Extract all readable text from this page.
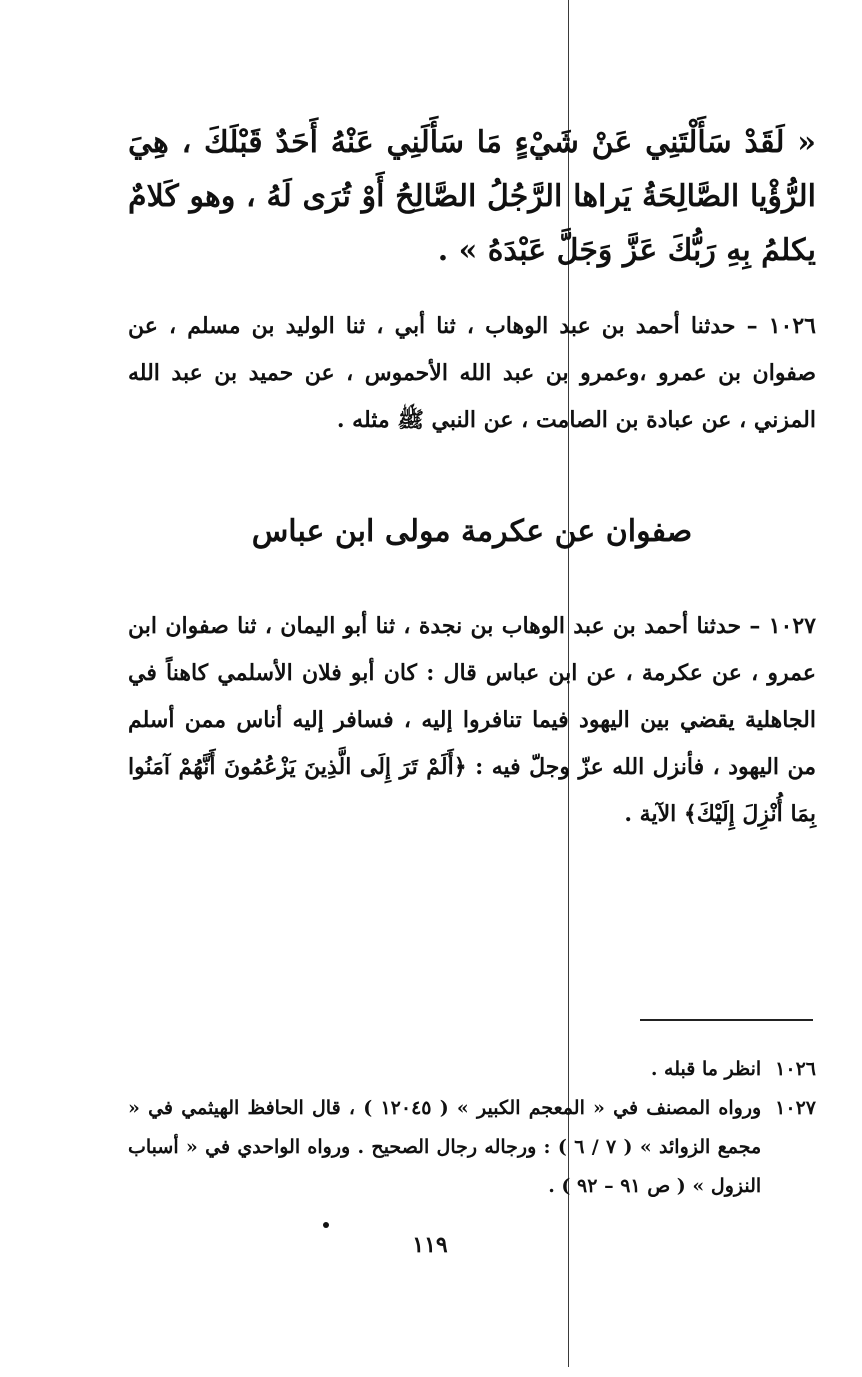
« لَقَدْ سَأَلْتَنِي عَنْ شَيْءٍ مَا سَأَلَنِي عَنْهُ أَحَدٌ قَبْلَكَ ، هِيَ الرُّؤْيا الصَّالِحَةُ يَراها الرَّجُلُ الصَّالِحُ أَوْ تُرَى لَهُ ، وهو كَلامٌ يكلمُ بِهِ رَبُّكَ عَزَّ وَجَلَّ عَبْدَهُ » .

١٠٢٦ – حدثنا أحمد بن عبد الوهاب ، ثنا أبي ، ثنا الوليد بن مسلم ، عن صفوان بن عمرو ،وعمرو بن عبد الله الأحموس ، عن حميد بن عبد الله المزني ، عن عبادة بن الصامت ، عن النبي ﷺ مثله .

صفوان عن عكرمة مولى ابن عباس

١٠٢٧ – حدثنا أحمد بن عبد الوهاب بن نجدة ، ثنا أبو اليمان ، ثنا صفوان ابن عمرو ، عن عكرمة ، عن ابن عباس قال : كان أبو فلان الأسلمي كاهناً في الجاهلية يقضي بين اليهود فيما تنافروا إليه ، فسافر إليه أناس ممن أسلم من اليهود ، فأنزل الله عزّ وجلّ فيه : ﴿أَلَمْ تَرَ إِلَى الَّذِينَ يَزْعُمُونَ أَنَّهُمْ آمَنُوا بِمَا أُنْزِلَ إِلَيْكَ﴾ الآية .

١٠٢٦
انظر ما قبله .
١٠٢٧
ورواه المصنف في « المعجم الكبير » ( ١٢٠٤٥ ) ، قال الحافظ الهيثمي في « مجمع الزوائد » ( ٧ / ٦ ) : ورجاله رجال الصحيح . ورواه الواحدي في « أسباب النزول » ( ص ٩١ – ٩٢ ) .
١١٩
